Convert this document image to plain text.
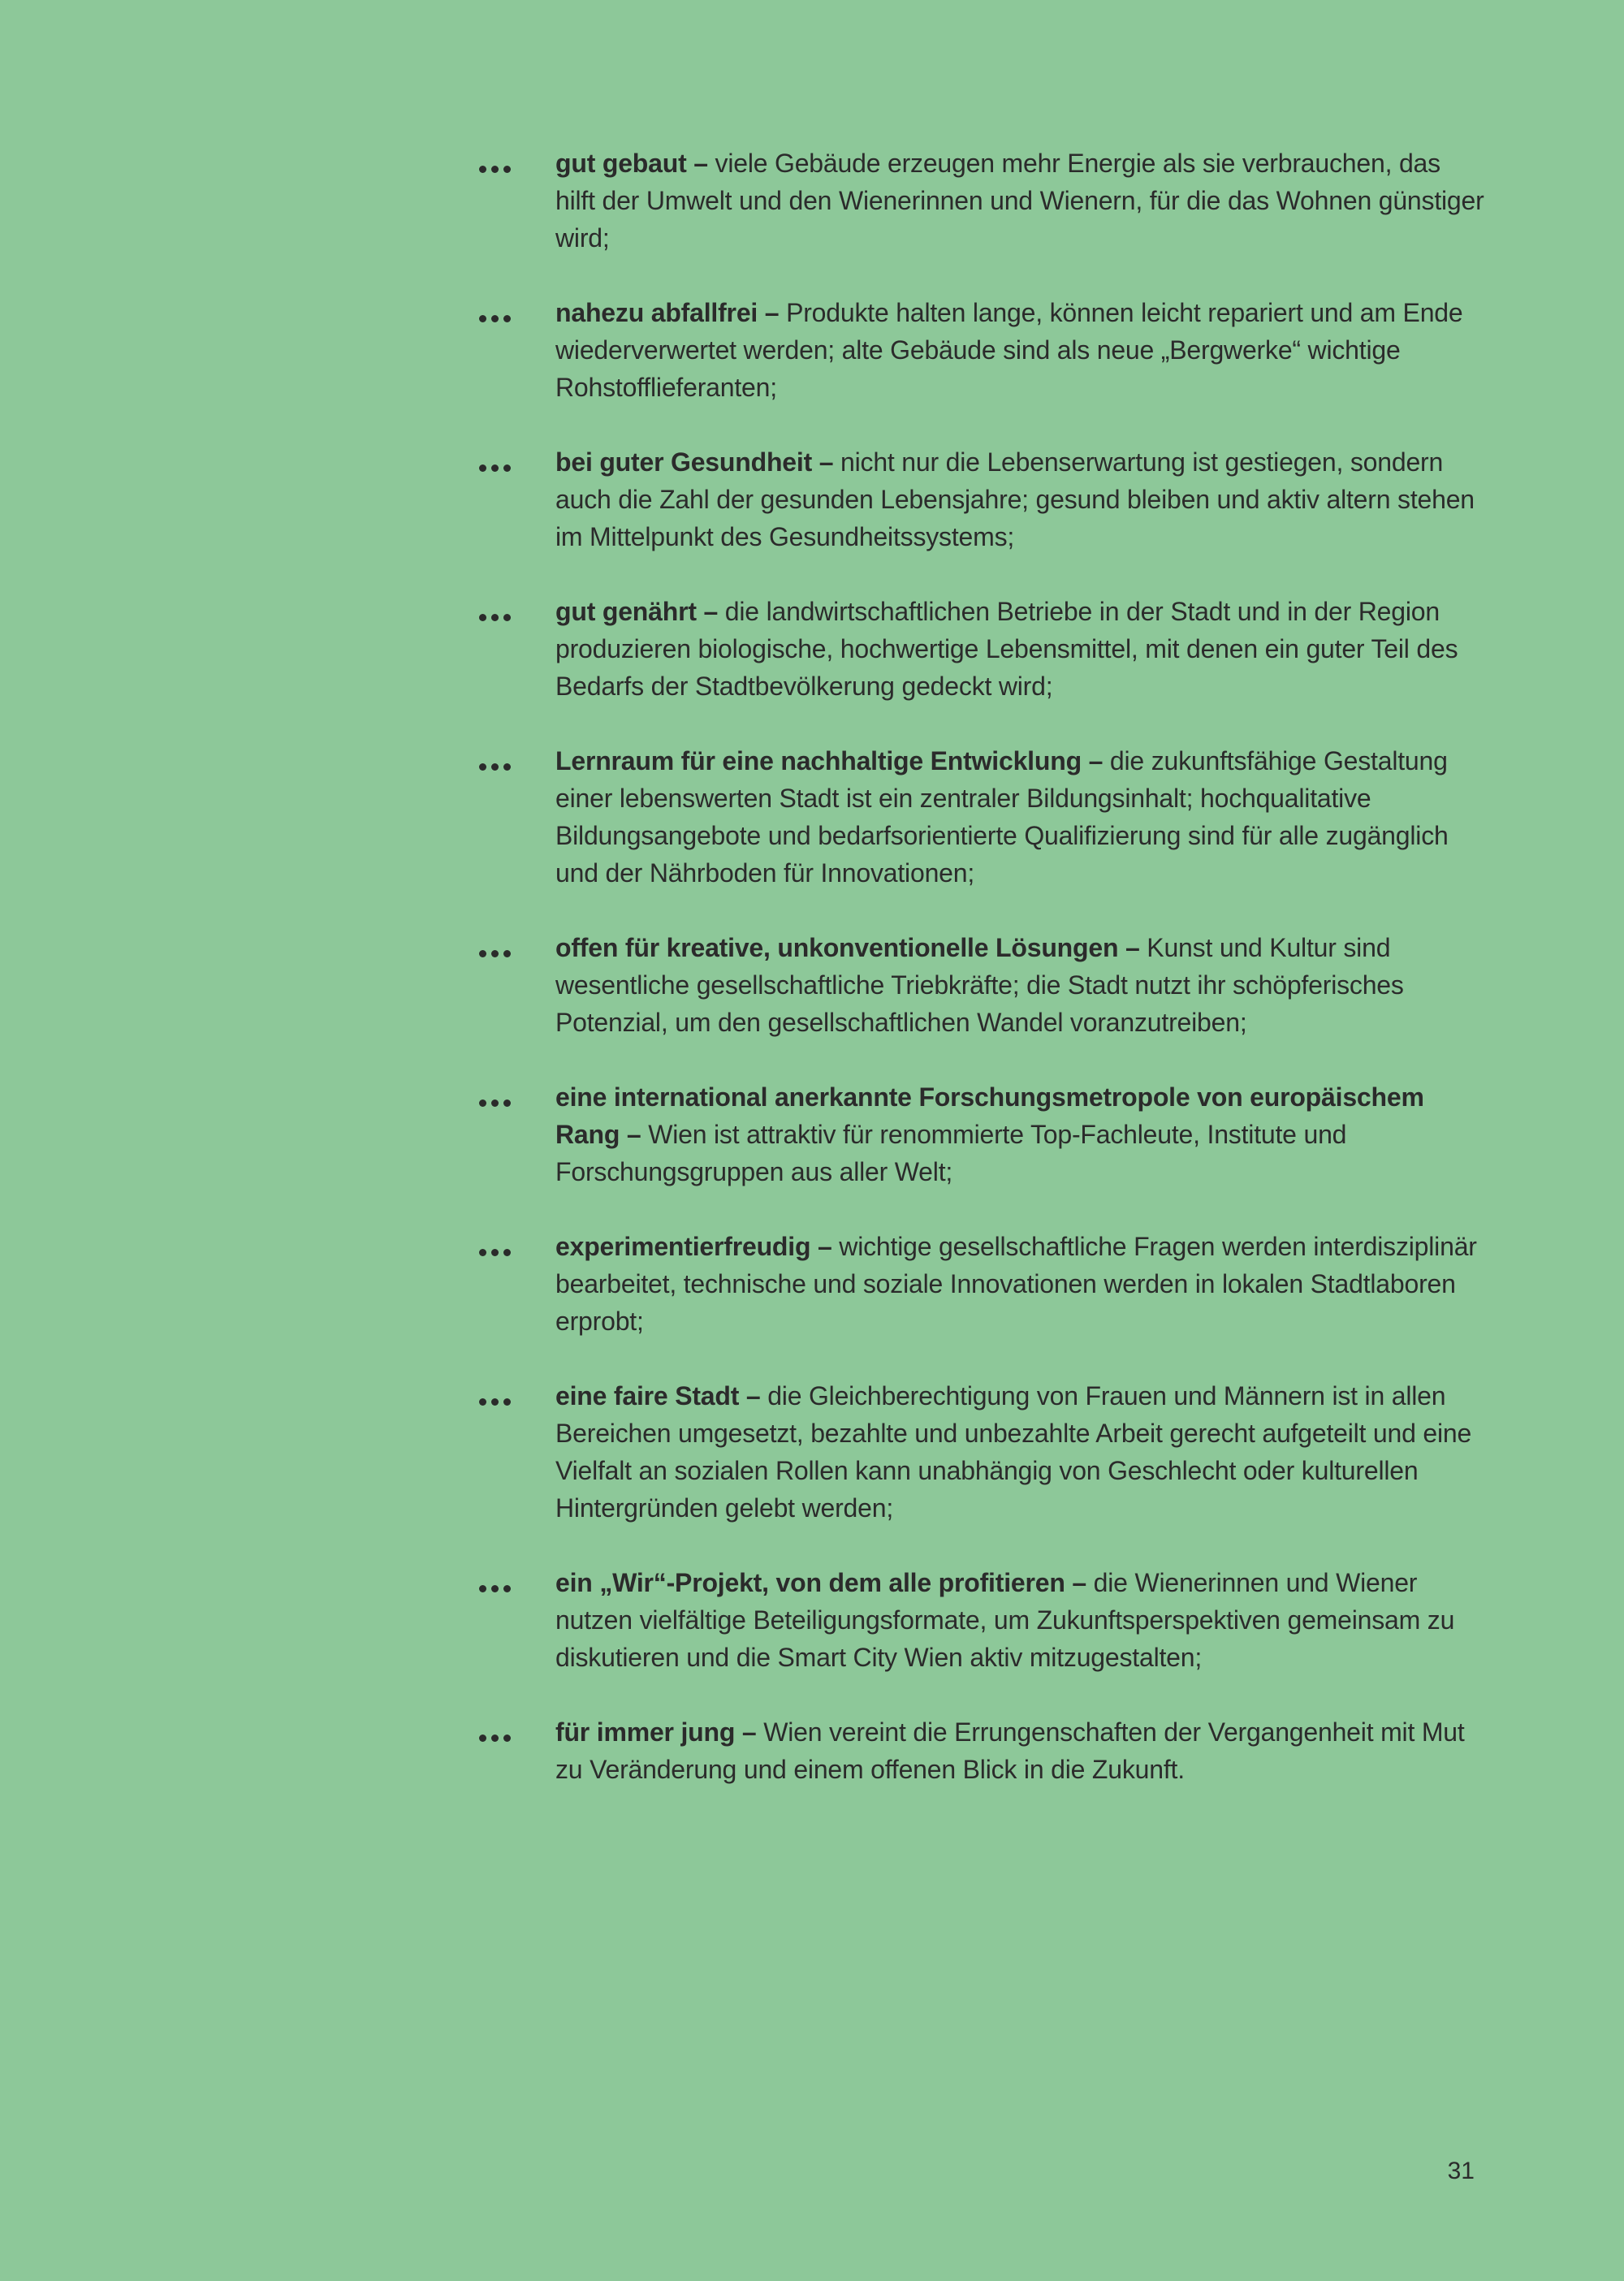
gut gebaut – viele Gebäude erzeugen mehr Energie als sie verbrauchen, das hilft der Umwelt und den Wienerinnen und Wienern, für die das Wohnen günstiger wird;

nahezu abfallfrei – Produkte halten lange, können leicht repariert und am Ende wiederverwertet werden; alte Gebäude sind als neue „Bergwerke“ wichtige Rohstofflieferanten;

bei guter Gesundheit – nicht nur die Lebenserwartung ist gestiegen, sondern auch die Zahl der gesunden Lebensjahre; gesund bleiben und aktiv altern stehen im Mittelpunkt des Gesundheitssystems;

gut genährt – die landwirtschaftlichen Betriebe in der Stadt und in der Region produzieren biologische, hochwertige Lebensmittel, mit denen ein guter Teil des Bedarfs der Stadtbevölkerung gedeckt wird;

Lernraum für eine nachhaltige Entwicklung – die zukunftsfähige Gestaltung einer lebenswerten Stadt ist ein zentraler Bildungsinhalt; hochqualitative Bildungsangebote und bedarfsorientierte Qualifizierung sind für alle zugänglich und der Nährboden für Innovationen;

offen für kreative, unkonventionelle Lösungen – Kunst und Kultur sind wesentliche gesellschaftliche Triebkräfte; die Stadt nutzt ihr schöpferisches Potenzial, um den gesellschaftlichen Wandel voranzutreiben;

eine international anerkannte Forschungsmetropole von europäischem Rang – Wien ist attraktiv für renommierte Top-Fachleute, Institute und Forschungsgruppen aus aller Welt;

experimentierfreudig – wichtige gesellschaftliche Fragen werden interdisziplinär bearbeitet, technische und soziale Innovationen werden in lokalen Stadtlaboren erprobt;

eine faire Stadt – die Gleichberechtigung von Frauen und Männern ist in allen Bereichen umgesetzt, bezahlte und unbezahlte Arbeit gerecht aufgeteilt und eine Vielfalt an sozialen Rollen kann unabhängig von Geschlecht oder kulturellen Hintergründen gelebt werden;

ein „Wir“-Projekt, von dem alle profitieren – die Wienerinnen und Wiener nutzen vielfältige Beteiligungsformate, um Zukunftsperspektiven gemeinsam zu diskutieren und die Smart City Wien aktiv mitzugestalten;

für immer jung – Wien vereint die Errungenschaften der Vergangenheit mit Mut zu Veränderung und einem offenen Blick in die Zukunft.

31
